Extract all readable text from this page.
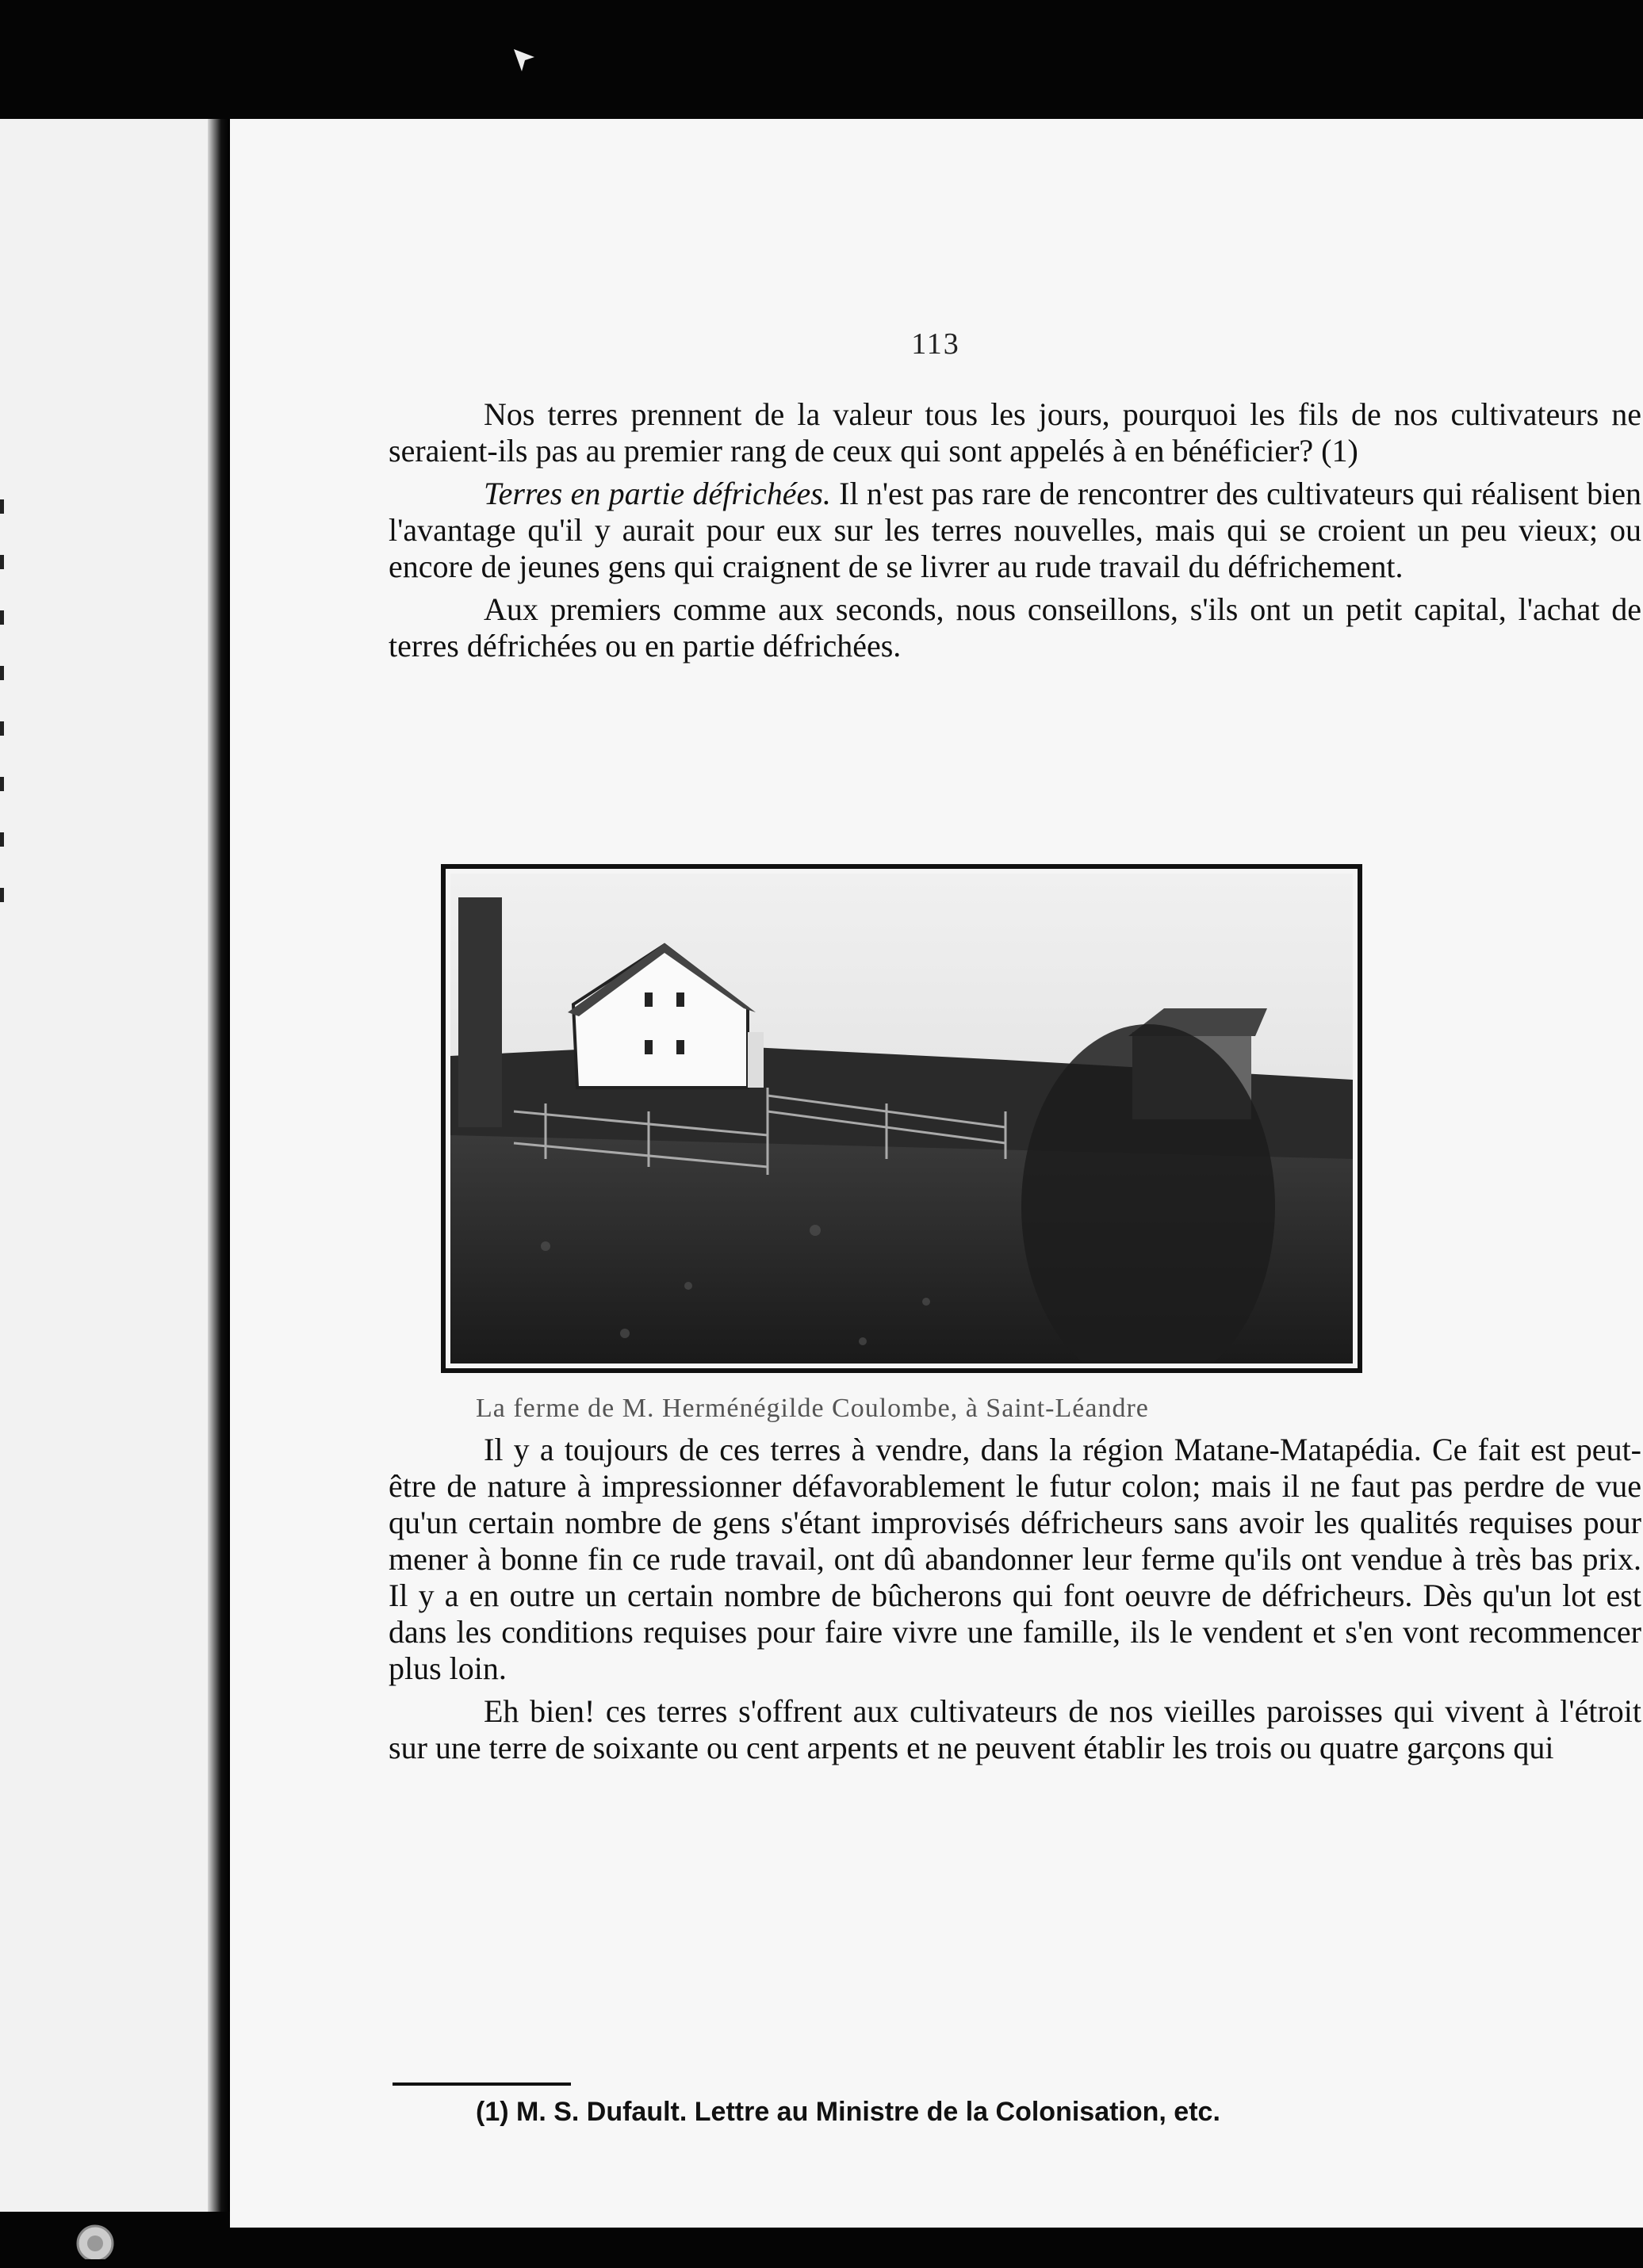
113

Nos terres prennent de la valeur tous les jours, pourquoi les fils de nos cultivateurs ne seraient-ils pas au premier rang de ceux qui sont appelés à en bénéficier? (1)

Terres en partie défrichées. Il n'est pas rare de rencontrer des cultivateurs qui réalisent bien l'avantage qu'il y aurait pour eux sur les terres nouvelles, mais qui se croient un peu vieux; ou encore de jeunes gens qui craignent de se livrer au rude travail du défrichement.

Aux premiers comme aux seconds, nous conseillons, s'ils ont un petit capital, l'achat de terres défrichées ou en partie défrichées.

La ferme de M. Herménégilde Coulombe, à Saint-Léandre

Il y a toujours de ces terres à vendre, dans la région Matane-Matapédia. Ce fait est peut-être de nature à impressionner défavorablement le futur colon; mais il ne faut pas perdre de vue qu'un certain nombre de gens s'étant improvisés défricheurs sans avoir les qualités requises pour mener à bonne fin ce rude travail, ont dû abandonner leur ferme qu'ils ont vendue à très bas prix. Il y a en outre un certain nombre de bûcherons qui font oeuvre de défricheurs. Dès qu'un lot est dans les conditions requises pour faire vivre une famille, ils le vendent et s'en vont recommencer plus loin.

Eh bien! ces terres s'offrent aux cultivateurs de nos vieilles paroisses qui vivent à l'étroit sur une terre de soixante ou cent arpents et ne peuvent établir les trois ou quatre garçons qui

(1) M. S. Dufault. Lettre au Ministre de la Colonisation, etc.
